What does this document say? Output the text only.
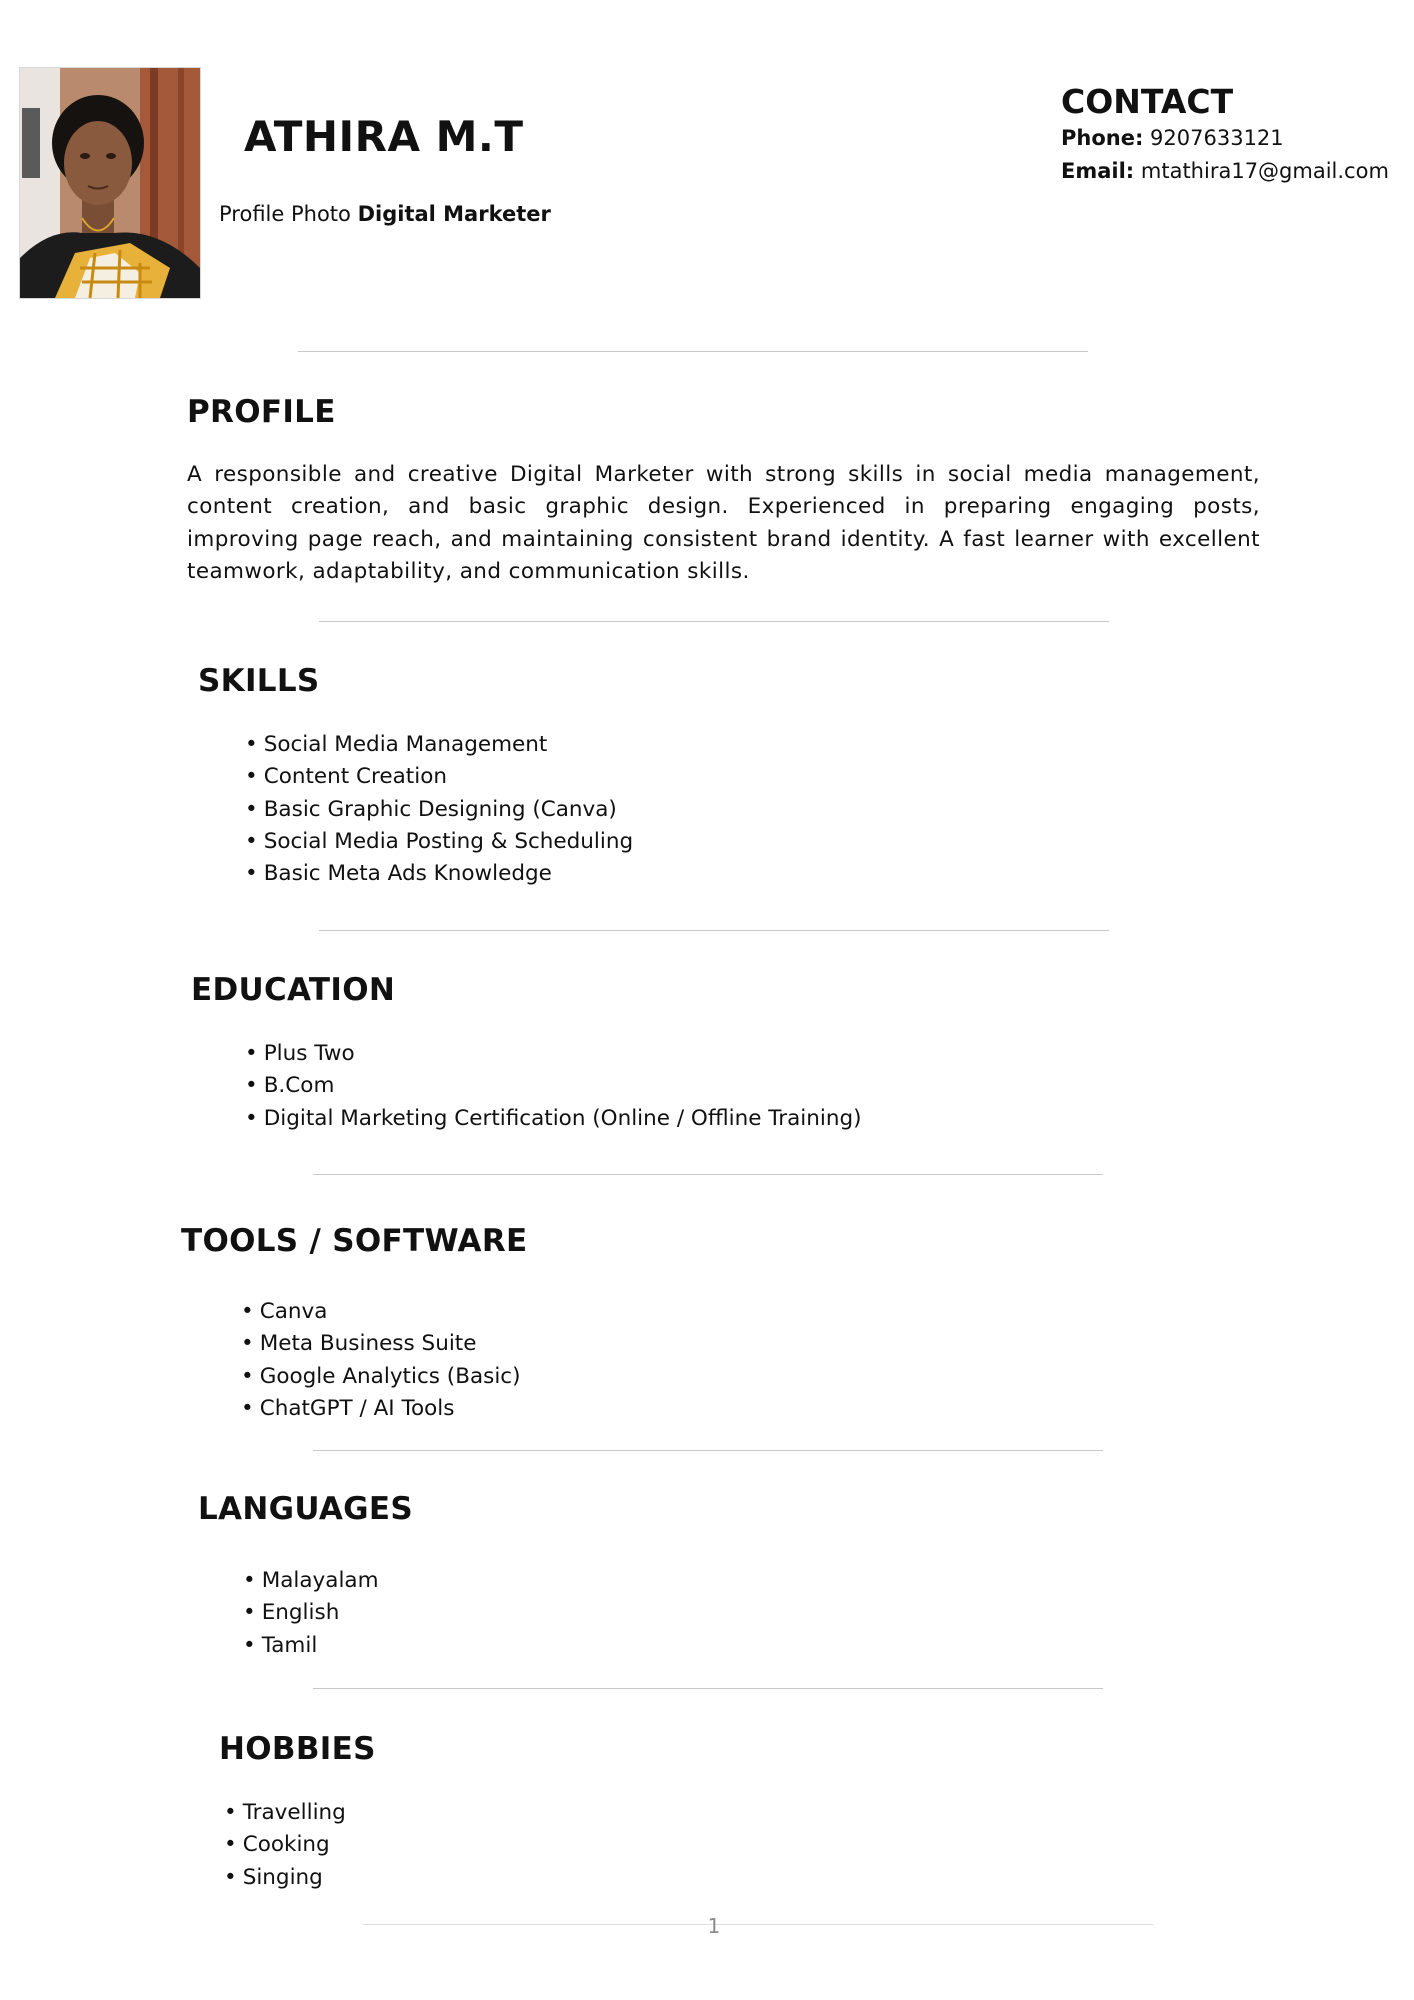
ATHIRA M.T
Profile Photo Digital Marketer
CONTACT
Phone: 9207633121
Email: mtathira17@gmail.com
PROFILE

A responsible and creative Digital Marketer with strong skills in social media management, content creation, and basic graphic design. Experienced in preparing engaging posts, improving page reach, and maintaining consistent brand identity. A fast learner with excellent teamwork, adaptability, and communication skills.

SKILLS
• Social Media Management
• Content Creation
• Basic Graphic Designing (Canva)
• Social Media Posting & Scheduling
• Basic Meta Ads Knowledge
EDUCATION
• Plus Two
• B.Com
• Digital Marketing Certification (Online / Offline Training)
TOOLS / SOFTWARE
• Canva
• Meta Business Suite
• Google Analytics (Basic)
• ChatGPT / AI Tools
LANGUAGES
• Malayalam
• English
• Tamil
HOBBIES
• Travelling
• Cooking
• Singing
1
